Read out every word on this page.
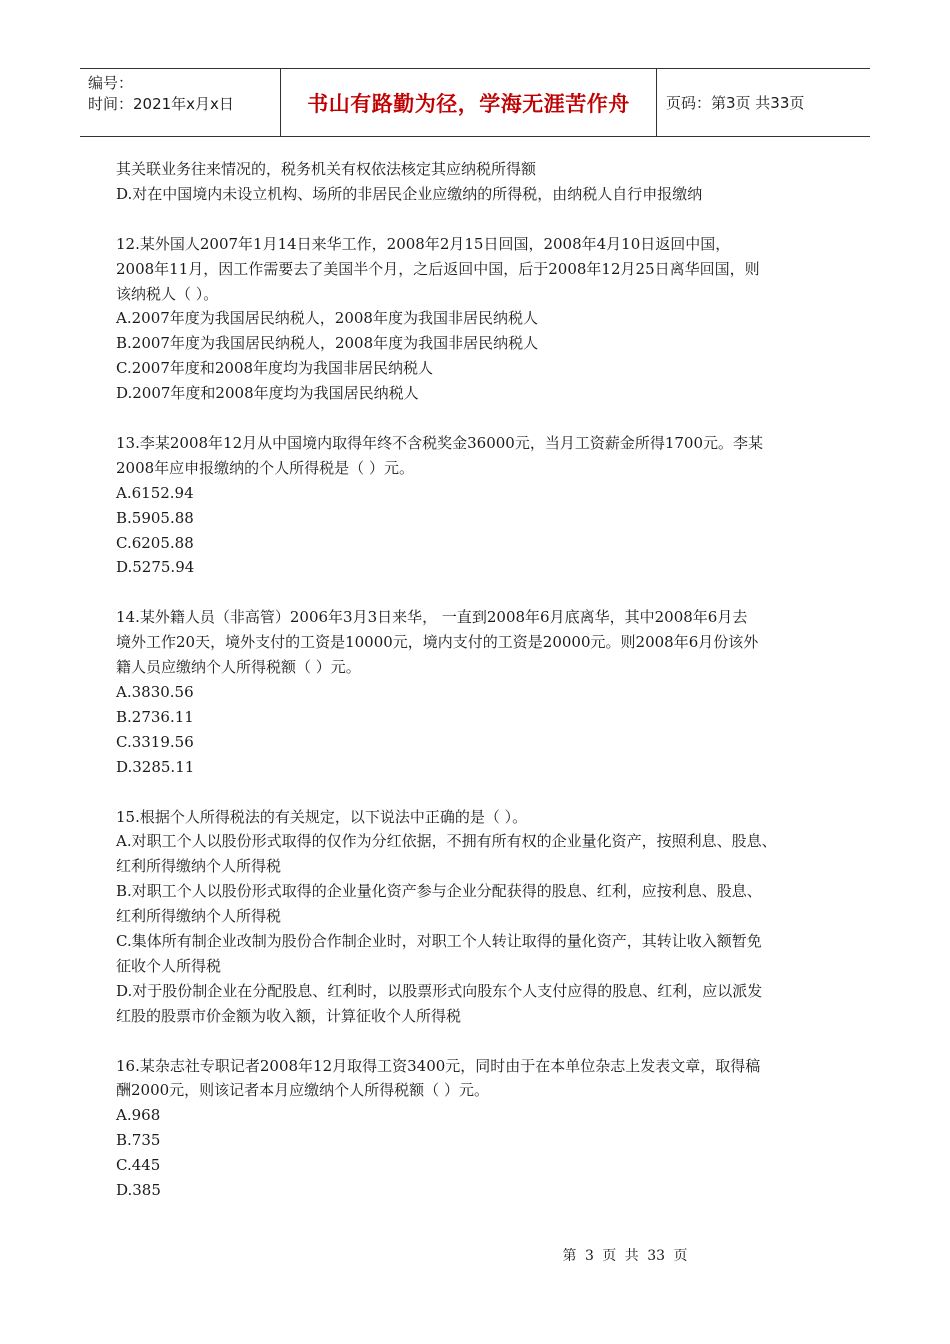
编号：
时间：2021年x月x日	书山有路勤为径，学海无涯苦作舟	页码：第3页 共33页

其关联业务往来情况的，税务机关有权依法核定其应纳税所得额

D.对在中国境内未设立机构、场所的非居民企业应缴纳的所得税，由纳税人自行申报缴纳

12.某外国人2007年1月14日来华工作，2008年2月15日回国，2008年4月10日返回中国，

2008年11月，因工作需要去了美国半个月，之后返回中国，后于2008年12月25日离华回国，则

该纳税人（ ）。

A.2007年度为我国居民纳税人，2008年度为我国非居民纳税人

B.2007年度为我国居民纳税人，2008年度为我国非居民纳税人

C.2007年度和2008年度均为我国非居民纳税人

D.2007年度和2008年度均为我国居民纳税人

13.李某2008年12月从中国境内取得年终不含税奖金36000元，当月工资薪金所得1700元。李某

2008年应申报缴纳的个人所得税是（ ）元。

A.6152.94

B.5905.88

C.6205.88

D.5275.94

14.某外籍人员（非高管）2006年3月3日来华， 一直到2008年6月底离华，其中2008年6月去

境外工作20天，境外支付的工资是10000元，境内支付的工资是20000元。则2008年6月份该外

籍人员应缴纳个人所得税额（ ）元。

A.3830.56

B.2736.11

C.3319.56

D.3285.11

15.根据个人所得税法的有关规定，以下说法中正确的是（ ）。

A.对职工个人以股份形式取得的仅作为分红依据，不拥有所有权的企业量化资产，按照利息、股息、

红利所得缴纳个人所得税

B.对职工个人以股份形式取得的企业量化资产参与企业分配获得的股息、红利，应按利息、股息、

红利所得缴纳个人所得税

C.集体所有制企业改制为股份合作制企业时，对职工个人转让取得的量化资产，其转让收入额暂免

征收个人所得税

D.对于股份制企业在分配股息、红利时，以股票形式向股东个人支付应得的股息、红利，应以派发

红股的股票市价金额为收入额，计算征收个人所得税

16.某杂志社专职记者2008年12月取得工资3400元，同时由于在本单位杂志上发表文章，取得稿

酬2000元，则该记者本月应缴纳个人所得税额（ ）元。

A.968

B.735

C.445

D.385

第 3 页 共 33 页
